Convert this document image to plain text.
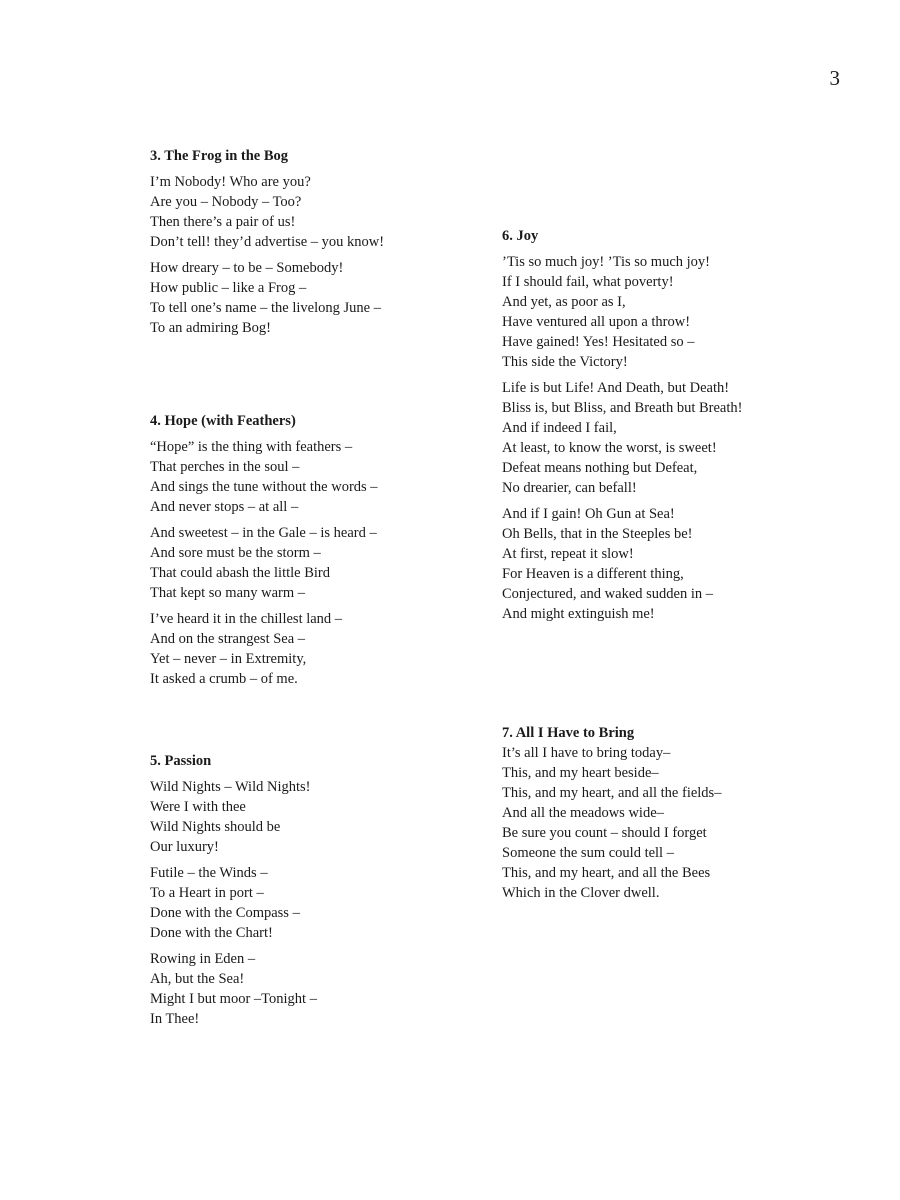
3
3. The Frog in the Bog
I’m Nobody! Who are you?
Are you – Nobody – Too?
Then there’s a pair of us!
Don’t tell! they’d advertise – you know!
How dreary – to be – Somebody!
How public – like a Frog –
To tell one’s name – the livelong June –
To an admiring Bog!
4. Hope (with Feathers)
“Hope” is the thing with feathers –
That perches in the soul –
And sings the tune without the words –
And never stops – at all –
And sweetest – in the Gale – is heard –
And sore must be the storm –
That could abash the little Bird
That kept so many warm –
I’ve heard it in the chillest land –
And on the strangest Sea –
Yet – never – in Extremity,
It asked a crumb – of me.
5. Passion
Wild Nights – Wild Nights!
Were I with thee
Wild Nights should be
Our luxury!
Futile – the Winds –
To a Heart in port –
Done with the Compass –
Done with the Chart!
Rowing in Eden –
Ah, but the Sea!
Might I but moor –Tonight –
In Thee!
6. Joy
’Tis so much joy! ’Tis so much joy!
If I should fail, what poverty!
And yet, as poor as I,
Have ventured all upon a throw!
Have gained! Yes! Hesitated so –
This side the Victory!
Life is but Life! And Death, but Death!
Bliss is, but Bliss, and Breath but Breath!
And if indeed I fail,
At least, to know the worst, is sweet!
Defeat means nothing but Defeat,
No drearier, can befall!
And if I gain! Oh Gun at Sea!
Oh Bells, that in the Steeples be!
At first, repeat it slow!
For Heaven is a different thing,
Conjectured, and waked sudden in –
And might extinguish me!
7. All I Have to Bring
It’s all I have to bring today–
This, and my heart beside–
This, and my heart, and all the fields–
And all the meadows wide–
Be sure you count – should I forget
Someone the sum could tell –
This, and my heart, and all the Bees
Which in the Clover dwell.
